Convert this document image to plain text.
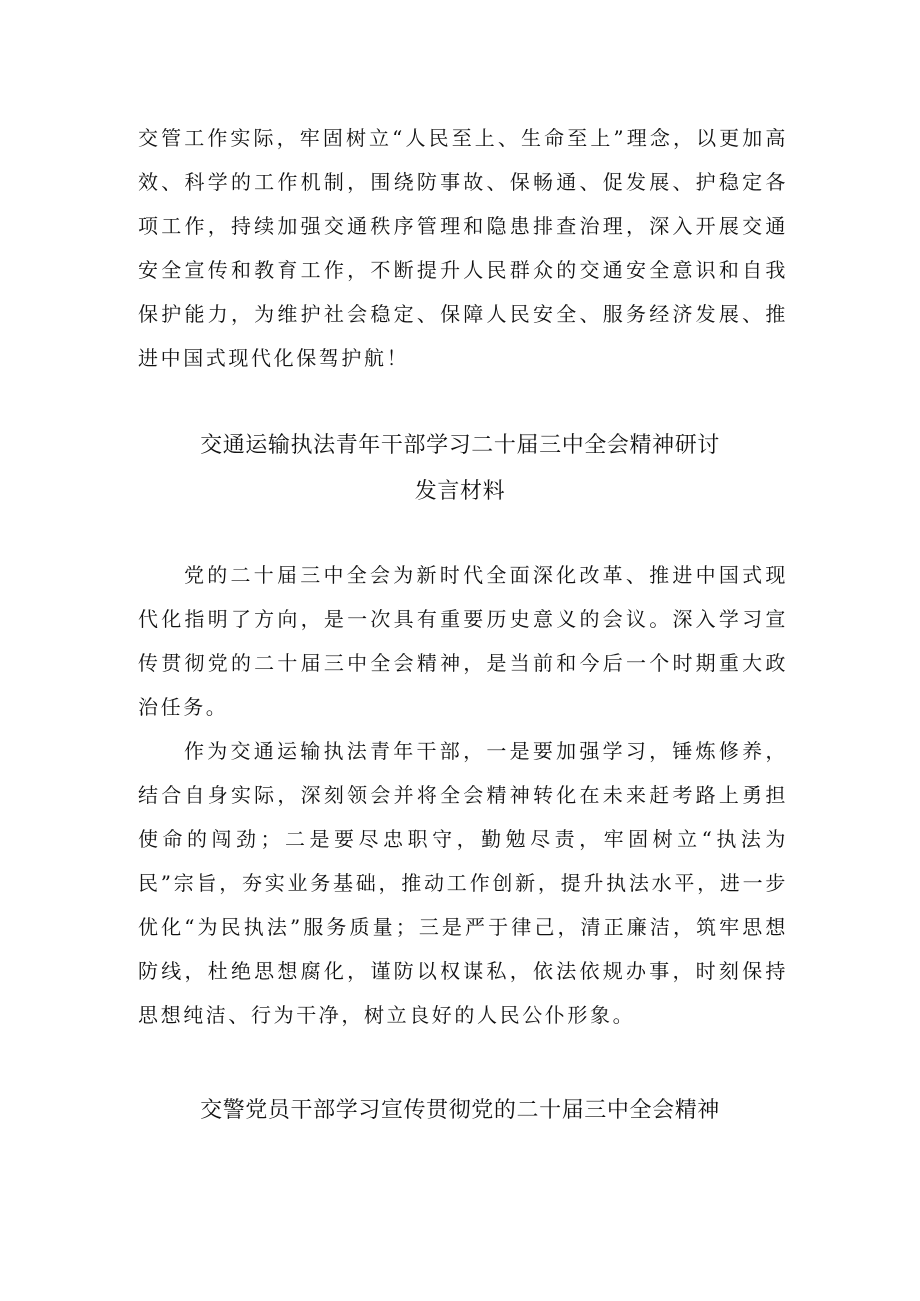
交管工作实际，牢固树立“人民至上、生命至上”理念，以更加高效、科学的工作机制，围绕防事故、保畅通、促发展、护稳定各项工作，持续加强交通秩序管理和隐患排查治理，深入开展交通安全宣传和教育工作，不断提升人民群众的交通安全意识和自我保护能力，为维护社会稳定、保障人民安全、服务经济发展、推进中国式现代化保驾护航！

交通运输执法青年干部学习二十届三中全会精神研讨
发言材料

党的二十届三中全会为新时代全面深化改革、推进中国式现代化指明了方向，是一次具有重要历史意义的会议。深入学习宣传贯彻党的二十届三中全会精神，是当前和今后一个时期重大政治任务。

作为交通运输执法青年干部，一是要加强学习，锤炼修养，结合自身实际，深刻领会并将全会精神转化在未来赶考路上勇担使命的闯劲；二是要尽忠职守，勤勉尽责，牢固树立“执法为民”宗旨，夯实业务基础，推动工作创新，提升执法水平，进一步优化“为民执法”服务质量；三是严于律己，清正廉洁，筑牢思想防线，杜绝思想腐化，谨防以权谋私，依法依规办事，时刻保持思想纯洁、行为干净，树立良好的人民公仆形象。

交警党员干部学习宣传贯彻党的二十届三中全会精神
